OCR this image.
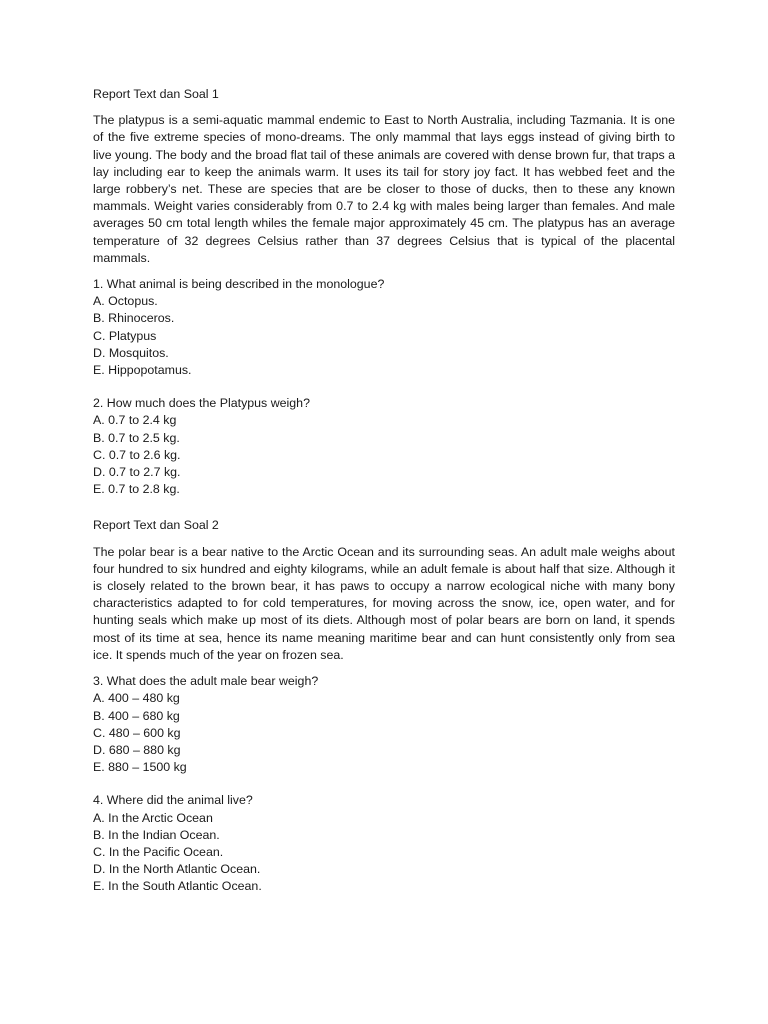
Report Text dan Soal 1

The platypus is a semi-aquatic mammal endemic to East to North Australia, including Tazmania. It is one of the five extreme species of mono-dreams. The only mammal that lays eggs instead of giving birth to live young. The body and the broad flat tail of these animals are covered with dense brown fur, that traps a lay including ear to keep the animals warm. It uses its tail for story joy fact. It has webbed feet and the large robbery’s net. These are species that are be closer to those of ducks, then to these any known mammals. Weight varies considerably from 0.7 to 2.4 kg with males being larger than females. And male averages 50 cm total length whiles the female major approximately 45 cm. The platypus has an average temperature of 32 degrees Celsius rather than 37 degrees Celsius that is typical of the placental mammals.

1. What animal is being described in the monologue?
A. Octopus.
B. Rhinoceros.
C. Platypus
D. Mosquitos.
E. Hippopotamus.
2. How much does the Platypus weigh?
A. 0.7 to 2.4 kg
B. 0.7 to 2.5 kg.
C. 0.7 to 2.6 kg.
D. 0.7 to 2.7 kg.
E. 0.7 to 2.8 kg.
Report Text dan Soal 2

The polar bear is a bear native to the Arctic Ocean and its surrounding seas. An adult male weighs about four hundred to six hundred and eighty kilograms, while an adult female is about half that size. Although it is closely related to the brown bear, it has paws to occupy a narrow ecological niche with many bony characteristics adapted to for cold temperatures, for moving across the snow, ice, open water, and for hunting seals which make up most of its diets. Although most of polar bears are born on land, it spends most of its time at sea, hence its name meaning maritime bear and can hunt consistently only from sea ice. It spends much of the year on frozen sea.

3. What does the adult male bear weigh?
A. 400 – 480 kg
B. 400 – 680 kg
C. 480 – 600 kg
D. 680 – 880 kg
E. 880 – 1500 kg
4. Where did the animal live?
A. In the Arctic Ocean
B. In the Indian Ocean.
C. In the Pacific Ocean.
D. In the North Atlantic Ocean.
E. In the South Atlantic Ocean.
